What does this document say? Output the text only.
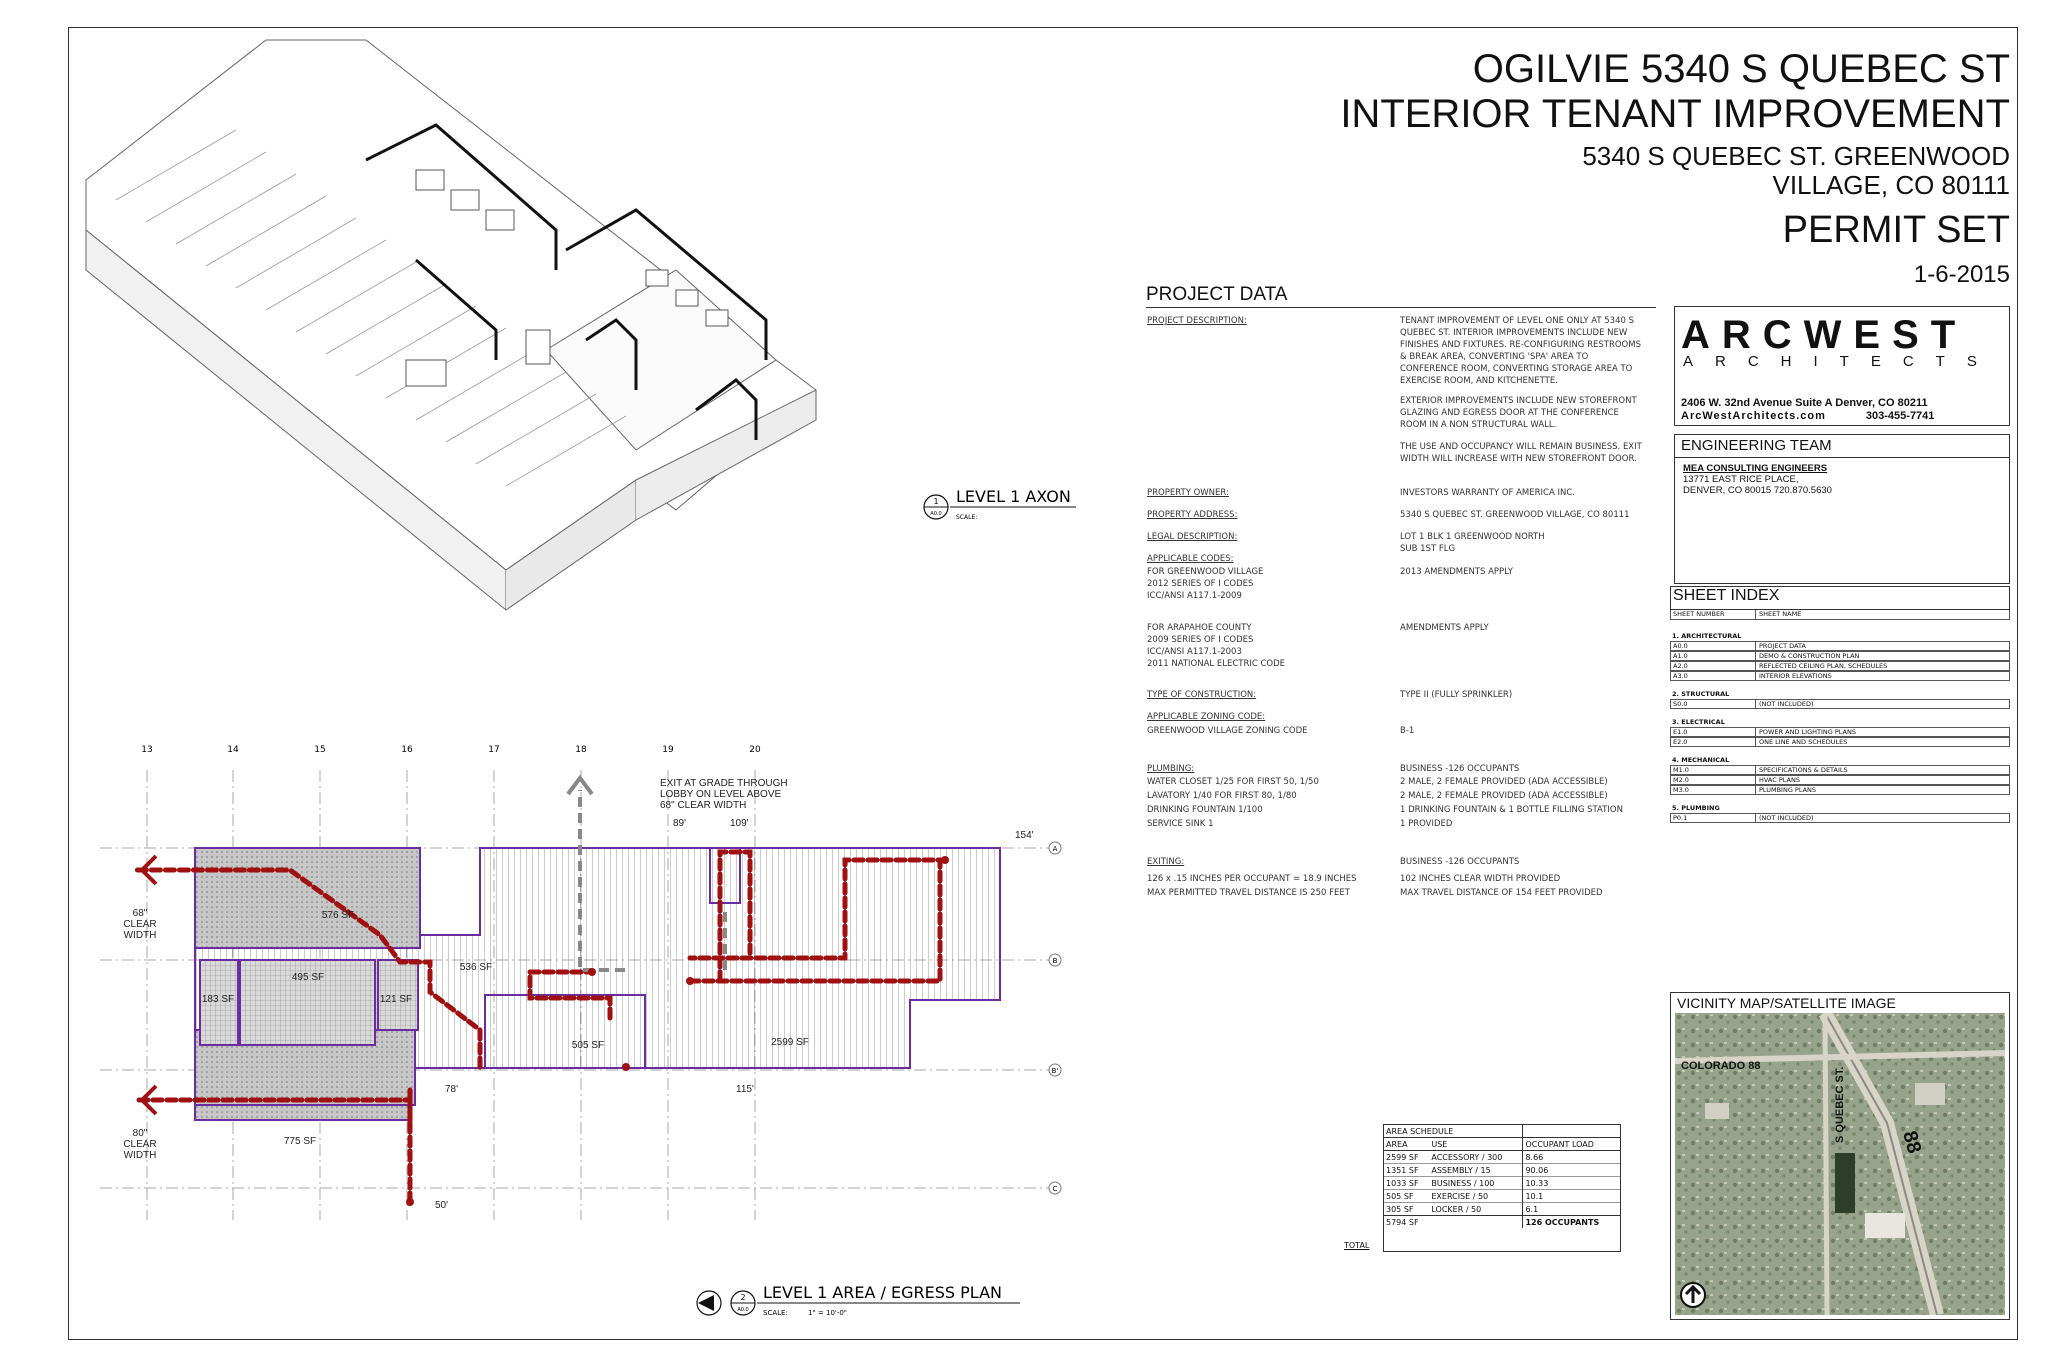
OGILVIE 5340 S QUEBEC ST
INTERIOR TENANT IMPROVEMENT
5340 S QUEBEC ST. GREENWOOD
VILLAGE, CO 80111
PERMIT SET
1-6-2015
ARCWEST
ARCHITECTS
2406 W. 32nd Avenue Suite A Denver, CO 80211
ArcWestArchitects.com	303-455-7741
ENGINEERING TEAM
MEA CONSULTING ENGINEERS
13771 EAST RICE PLACE,
DENVER, CO 80015 720.870.5630
PROJECT DATA
PROJECT DESCRIPTION:	TENANT IMPROVEMENT OF LEVEL ONE ONLY AT 5340 S QUEBEC ST. INTERIOR IMPROVEMENTS INCLUDE NEW FINISHES AND FIXTURES. RE-CONFIGURING RESTROOMS & BREAK AREA, CONVERTING 'SPA' AREA TO CONFERENCE ROOM, CONVERTING STORAGE AREA TO EXERCISE ROOM, AND KITCHENETTE.
EXTERIOR IMPROVEMENTS INCLUDE NEW STOREFRONT GLAZING AND EGRESS DOOR AT THE CONFERENCE ROOM IN A NON STRUCTURAL WALL.
THE USE AND OCCUPANCY WILL REMAIN BUSINESS. EXIT WIDTH WILL INCREASE WITH NEW STOREFRONT DOOR.
PROPERTY OWNER:	INVESTORS WARRANTY OF AMERICA INC.
PROPERTY ADDRESS:	5340 S QUEBEC ST. GREENWOOD VILLAGE, CO 80111
LEGAL DESCRIPTION:	LOT 1 BLK 1 GREENWOOD NORTH
SUB 1ST FLG
APPLICABLE CODES:
FOR GREENWOOD VILLAGE	2013 AMENDMENTS APPLY
2012 SERIES OF I CODES
ICC/ANSI A117.1-2009
FOR ARAPAHOE COUNTY	AMENDMENTS APPLY
2009 SERIES OF I CODES
ICC/ANSI A117.1-2003
2011 NATIONAL ELECTRIC CODE
TYPE OF CONSTRUCTION:	TYPE II (FULLY SPRINKLER)
APPLICABLE ZONING CODE:
GREENWOOD VILLAGE ZONING CODE	B-1
PLUMBING:	BUSINESS -126 OCCUPANTS
WATER CLOSET 1/25 FOR FIRST 50, 1/50	2 MALE, 2 FEMALE PROVIDED (ADA ACCESSIBLE)
LAVATORY 1/40 FOR FIRST 80, 1/80	2 MALE, 2 FEMALE PROVIDED (ADA ACCESSIBLE)
DRINKING FOUNTAIN 1/100	1 DRINKING FOUNTAIN & 1 BOTTLE FILLING STATION
SERVICE SINK 1	1 PROVIDED
EXITING:	BUSINESS -126 OCCUPANTS
126 x .15 INCHES PER OCCUPANT = 18.9 INCHES	102 INCHES CLEAR WIDTH PROVIDED
MAX PERMITTED TRAVEL DISTANCE IS 250 FEET	MAX TRAVEL DISTANCE OF 154 FEET PROVIDED
SHEET INDEX
SHEET NUMBER	SHEET NAME
1. ARCHITECTURAL
A0.0	PROJECT DATA
A1.0	DEMO & CONSTRUCTION PLAN
A2.0	REFLECTED CEILING PLAN, SCHEDULES
A3.0	INTERIOR ELEVATIONS
2. STRUCTURAL
S0.0	(NOT INCLUDED)
3. ELECTRICAL
E1.0	POWER AND LIGHTING PLANS
E2.0	ONE LINE AND SCHEDULES
4. MECHANICAL
M1.0	SPECIFICATIONS & DETAILS
M2.0	HVAC PLANS
M3.0	PLUMBING PLANS
5. PLUMBING
P0.1	(NOT INCLUDED)
VICINITY MAP/SATELLITE IMAGE
COLORADO 88
S QUEBEC ST.	88
AREA SCHEDULE		
AREA	USE	OCCUPANT LOAD
2599 SF	ACCESSORY / 300	8.66
1351 SF	ASSEMBLY / 15	90.06
1033 SF	BUSINESS / 100	10.33
505 SF	EXERCISE / 50	10.1
305 SF	LOCKER / 50	6.1
5794 SF		126 OCCUPANTS
TOTAL
1
A0.0
LEVEL 1 AXON
SCALE:
13	14	15	16	17	18	19	20
A
B
B'
C
576 SF
495 SF
183 SF	121 SF
536 SF
505 SF	2599 SF
775 SF
EXIT AT GRADE THROUGH
LOBBY ON LEVEL ABOVE
68" CLEAR WIDTH
68"
CLEAR
WIDTH
80"
CLEAR
WIDTH
89'	109'
154'
78'	115'
50'
2
A0.0
LEVEL 1 AREA / EGRESS PLAN
SCALE:	1" = 10'-0"
